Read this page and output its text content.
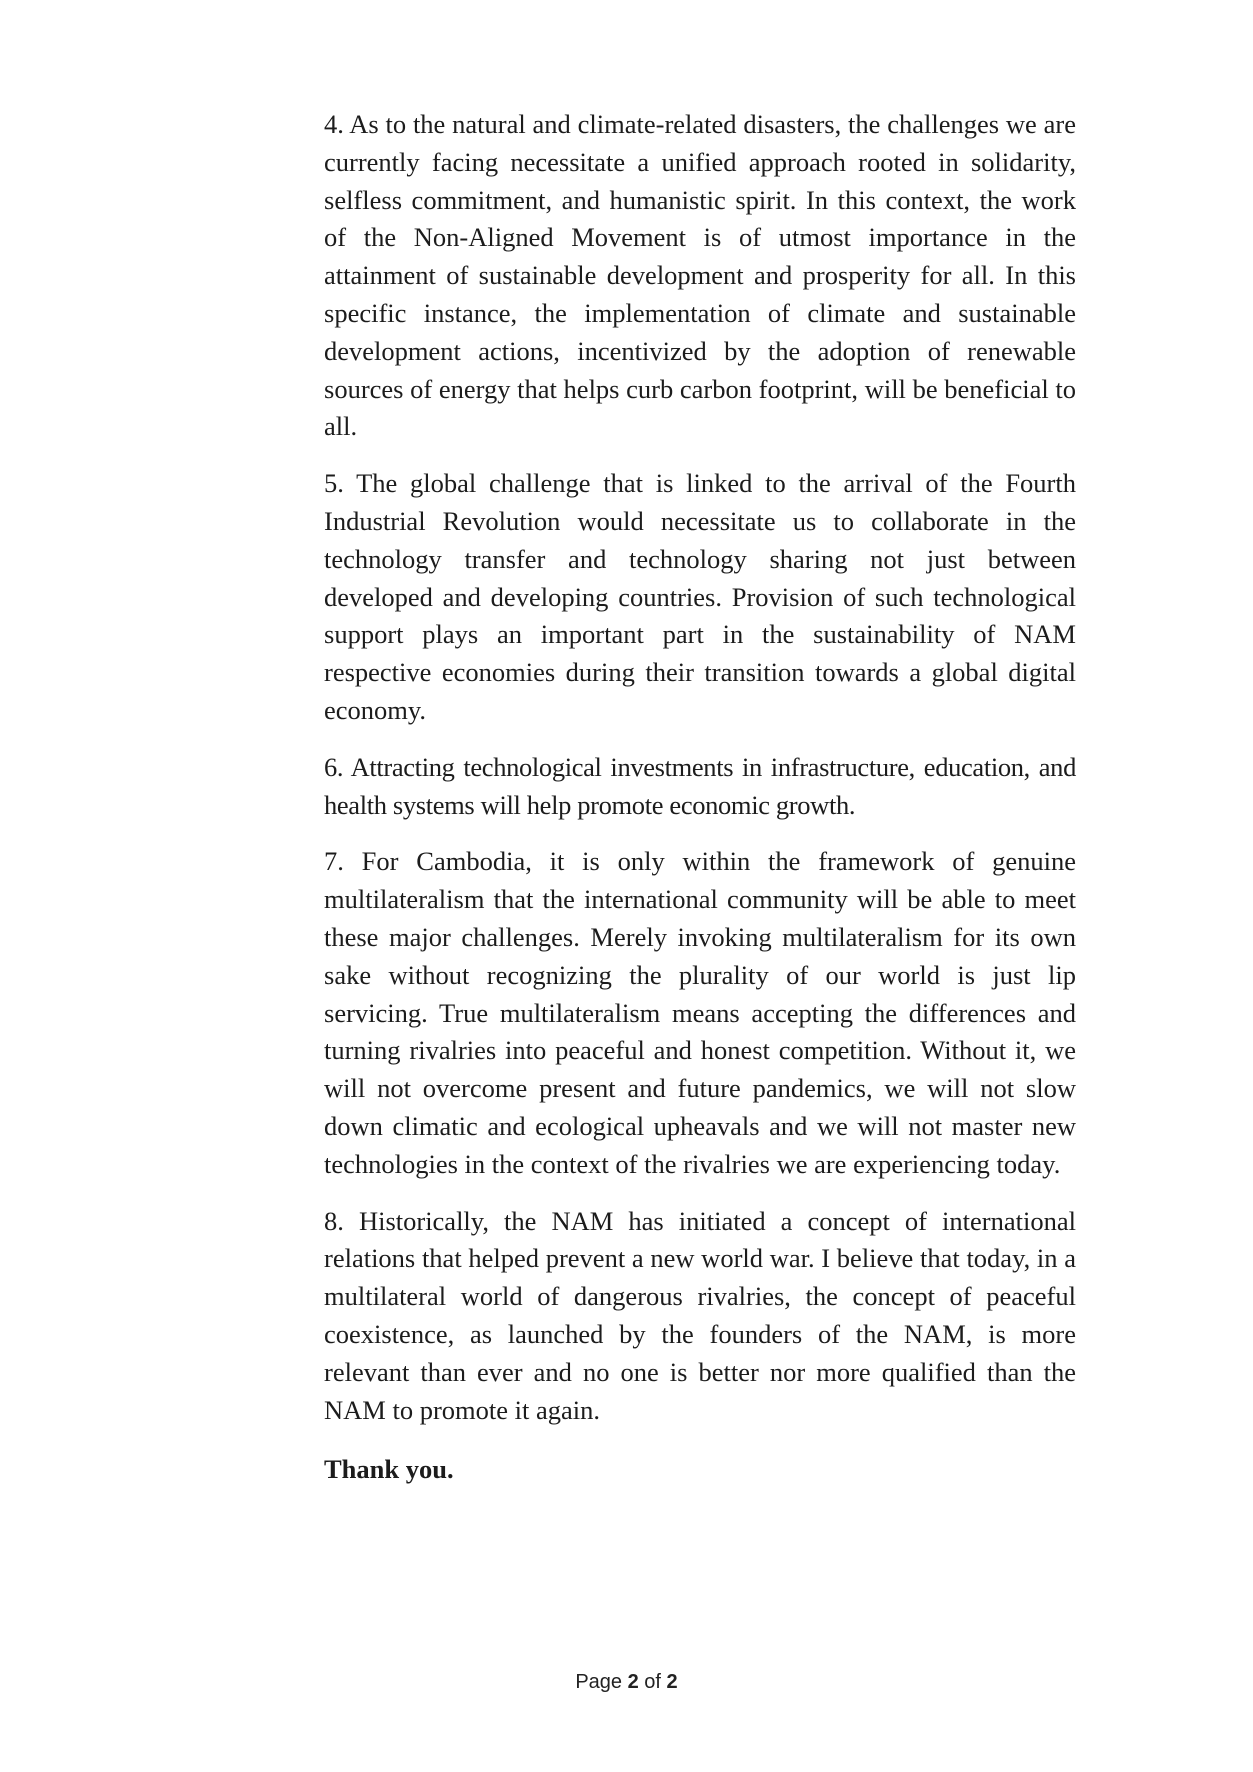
4. As to the natural and climate-related disasters, the challenges we are currently facing necessitate a unified approach rooted in solidarity, selfless commitment, and humanistic spirit. In this context, the work of the Non-Aligned Movement is of utmost importance in the attainment of sustainable development and prosperity for all. In this specific instance, the implementation of climate and sustainable development actions, incentivized by the adoption of renewable sources of energy that helps curb carbon footprint, will be beneficial to all.

5. The global challenge that is linked to the arrival of the Fourth Industrial Revolution would necessitate us to collaborate in the technology transfer and technology sharing not just between developed and developing countries. Provision of such technological support plays an important part in the sustainability of NAM respective economies during their transition towards a global digital economy.

6. Attracting technological investments in infrastructure, education, and health systems will help promote economic growth.

7. For Cambodia, it is only within the framework of genuine multilateralism that the international community will be able to meet these major challenges. Merely invoking multilateralism for its own sake without recognizing the plurality of our world is just lip servicing. True multilateralism means accepting the differences and turning rivalries into peaceful and honest competition. Without it, we will not overcome present and future pandemics, we will not slow down climatic and ecological upheavals and we will not master new technologies in the context of the rivalries we are experiencing today.

8. Historically, the NAM has initiated a concept of international relations that helped prevent a new world war. I believe that today, in a multilateral world of dangerous rivalries, the concept of peaceful coexistence, as launched by the founders of the NAM, is more relevant than ever and no one is better nor more qualified than the NAM to promote it again.

Thank you.

Page 2 of 2
